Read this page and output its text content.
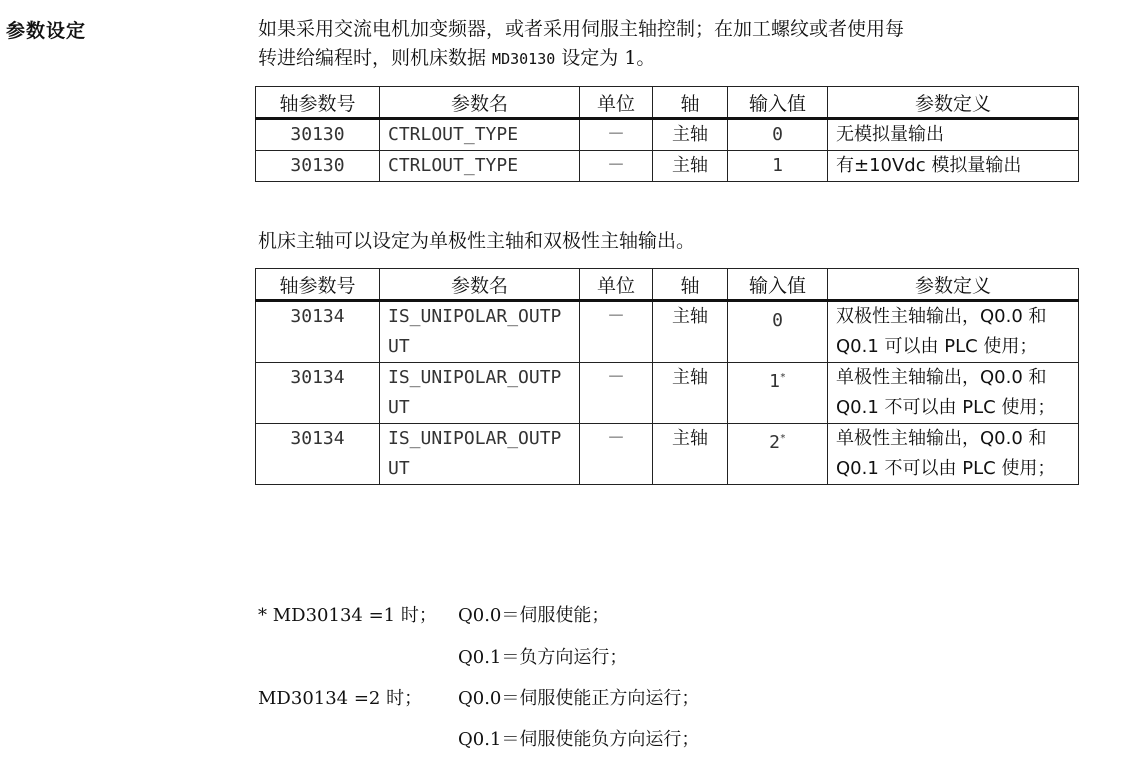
参数设定	如果采用交流电机加变频器，或者采用伺服主轴控制；在加工螺纹或者使用每
转进给编程时，则机床数据 MD30130 设定为 1。
轴参数号	参数名	单位	轴	输入值	参数定义
30130	CTRLOUT_TYPE	－	主轴	0	无模拟量输出
30130	CTRLOUT_TYPE	－	主轴	1	有±10Vdc 模拟量输出
机床主轴可以设定为单极性主轴和双极性主轴输出。
轴参数号	参数名	单位	轴	输入值	参数定义
30134	IS_UNIPOLAR_OUTPUT	－	主轴	0	双极性主轴输出，Q0.0 和 Q0.1 可以由 PLC 使用；
30134	IS_UNIPOLAR_OUTPUT	－	主轴	1*	单极性主轴输出，Q0.0 和 Q0.1 不可以由 PLC 使用；
30134	IS_UNIPOLAR_OUTPUT	－	主轴	2*	单极性主轴输出，Q0.0 和 Q0.1 不可以由 PLC 使用；
* MD30134 =1 时； Q0.0＝伺服使能；
Q0.1＝负方向运行；
MD30134 =2 时； Q0.0＝伺服使能正方向运行；
Q0.1＝伺服使能负方向运行；
